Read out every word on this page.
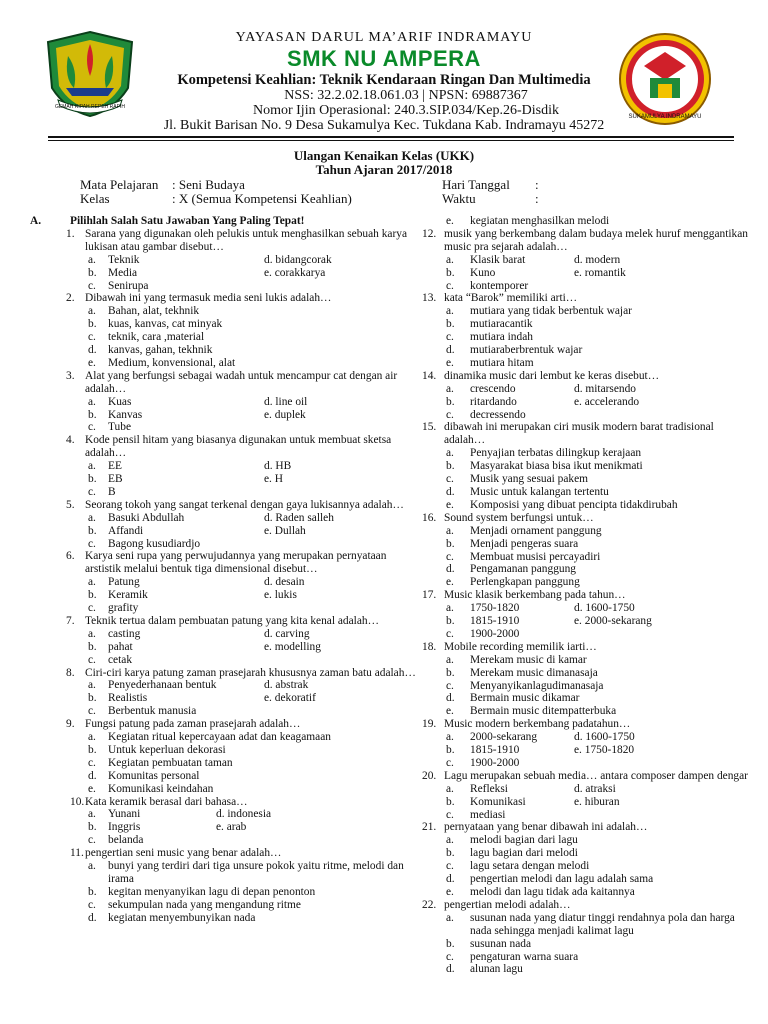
GEMAH RIPAH REPEH RAPIH
YAYASAN DARUL MA’ARIF INDRAMAYU
SMK NU AMPERA
Kompetensi Keahlian: Teknik Kendaraan Ringan Dan Multimedia
NSS: 32.2.02.18.061.03 | NPSN: 69887367
Nomor Ijin Operasional: 240.3.SIP.034/Kep.26-Disdik
Jl. Bukit Barisan No. 9 Desa Sukamulya Kec. Tukdana Kab. Indramayu 45272
SUKAMULYA INDRAMAYU
Ulangan Kenaikan Kelas (UKK)
Tahun Ajaran 2017/2018
Mata Pelajaran : Seni Budaya
Kelas	: X (Semua Kompetensi Keahlian)
Hari Tanggal :
Waktu	:
A.	Pilihlah Salah Satu Jawaban Yang Paling Tepat!
1. Sarana yang digunakan oleh pelukis untuk menghasilkan sebuah karya lukisan atau gambar disebut…
a. Teknik	d. bidangcorak
b. Media	e. corakkarya
c. Senirupa
2. Dibawah ini yang termasuk media seni lukis adalah…
a. Bahan, alat, tekhnik
b. kuas, kanvas, cat minyak
c. teknik, cara ,material
d. kanvas, gahan, tekhnik
e. Medium, konvensional, alat
3. Alat yang berfungsi sebagai wadah untuk mencampur cat dengan air adalah…
a. Kuas	d. line oil
b. Kanvas	e. duplek
c. Tube
4. Kode pensil hitam yang biasanya digunakan untuk membuat sketsa adalah…
a. EE	d. HB
b. EB	e. H
c. B
5. Seorang tokoh yang sangat terkenal dengan gaya lukisannya adalah…
a. Basuki Abdullah	d. Raden salleh
b. Affandi	e. Dullah
c. Bagong kusudiardjo
6. Karya seni rupa yang perwujudannya yang merupakan pernyataan arstistik melalui bentuk tiga dimensional disebut…
a. Patung	d. desain
b. Keramik	e. lukis
c. grafity
7. Teknik tertua dalam pembuatan patung yang kita kenal adalah…
a. casting	d. carving
b. pahat	e. modelling
c. cetak
8. Ciri-ciri karya patung zaman prasejarah khususnya zaman batu adalah…
a. Penyederhanaan bentuk	d. abstrak
b. Realistis	e. dekoratif
c. Berbentuk manusia
9. Fungsi patung pada zaman prasejarah adalah…
a. Kegiatan ritual kepercayaan adat dan keagamaan
b. Untuk keperluan dekorasi
c. Kegiatan pembuatan taman
d. Komunitas personal
e. Komunikasi keindahan
10. Kata keramik berasal dari bahasa…
a. Yunani	d. indonesia
b. Inggris	e. arab
c. belanda
11. pengertian seni music yang benar adalah…
a. bunyi yang terdiri dari tiga unsure pokok yaitu ritme, melodi dan irama
b. kegitan menyanyikan lagu di depan penonton
c. sekumpulan nada yang mengandung ritme
d. kegiatan menyembunyikan nada
e. kegiatan menghasilkan melodi
12. musik yang berkembang dalam budaya melek huruf menggantikan music pra sejarah adalah…
a. Klasik barat	d. modern
b. Kuno	e. romantik
c. kontemporer
13. kata “Barok” memiliki arti…
a. mutiara yang tidak berbentuk wajar
b. mutiaracantik
c. mutiara indah
d. mutiaraberbrentuk wajar
e. mutiara hitam
14. dinamika music dari lembut ke keras disebut…
a. crescendo	d. mitarsendo
b. ritardando	e. accelerando
c. decressendo
15. dibawah ini merupakan ciri musik modern barat tradisional adalah…
a. Penyajian terbatas dilingkup kerajaan
b. Masyarakat biasa bisa ikut menikmati
c. Musik yang sesuai pakem
d. Music untuk kalangan tertentu
e. Komposisi yang dibuat pencipta tidakdirubah
16. Sound system berfungsi untuk…
a. Menjadi ornament panggung
b. Menjadi pengeras suara
c. Membuat musisi percayadiri
d. Pengamanan panggung
e. Perlengkapan panggung
17. Music klasik berkembang pada tahun…
a. 1750-1820	d. 1600-1750
b. 1815-1910	e. 2000-sekarang
c. 1900-2000
18. Mobile recording memilik iarti…
a. Merekam music di kamar
b. Merekam music dimanasaja
c. Menyanyikanlagudimanasaja
d. Bermain music dikamar
e. Bermain music ditempatterbuka
19. Music modern berkembang padatahun…
a. 2000-sekarang	d. 1600-1750
b. 1815-1910	e. 1750-1820
c. 1900-2000
20. Lagu merupakan sebuah media… antara composer dampen dengar
a. Refleksi	d. atraksi
b. Komunikasi	e. hiburan
c. mediasi
21. pernyataan yang benar dibawah ini adalah…
a. melodi bagian dari lagu
b. lagu bagian dari melodi
c. lagu setara dengan melodi
d. pengertian melodi dan lagu adalah sama
e. melodi dan lagu tidak ada kaitannya
22. pengertian melodi adalah…
a. susunan nada yang diatur tinggi rendahnya pola dan harga nada sehingga menjadi kalimat lagu
b. susunan nada
c. pengaturan warna suara
d. alunan lagu
